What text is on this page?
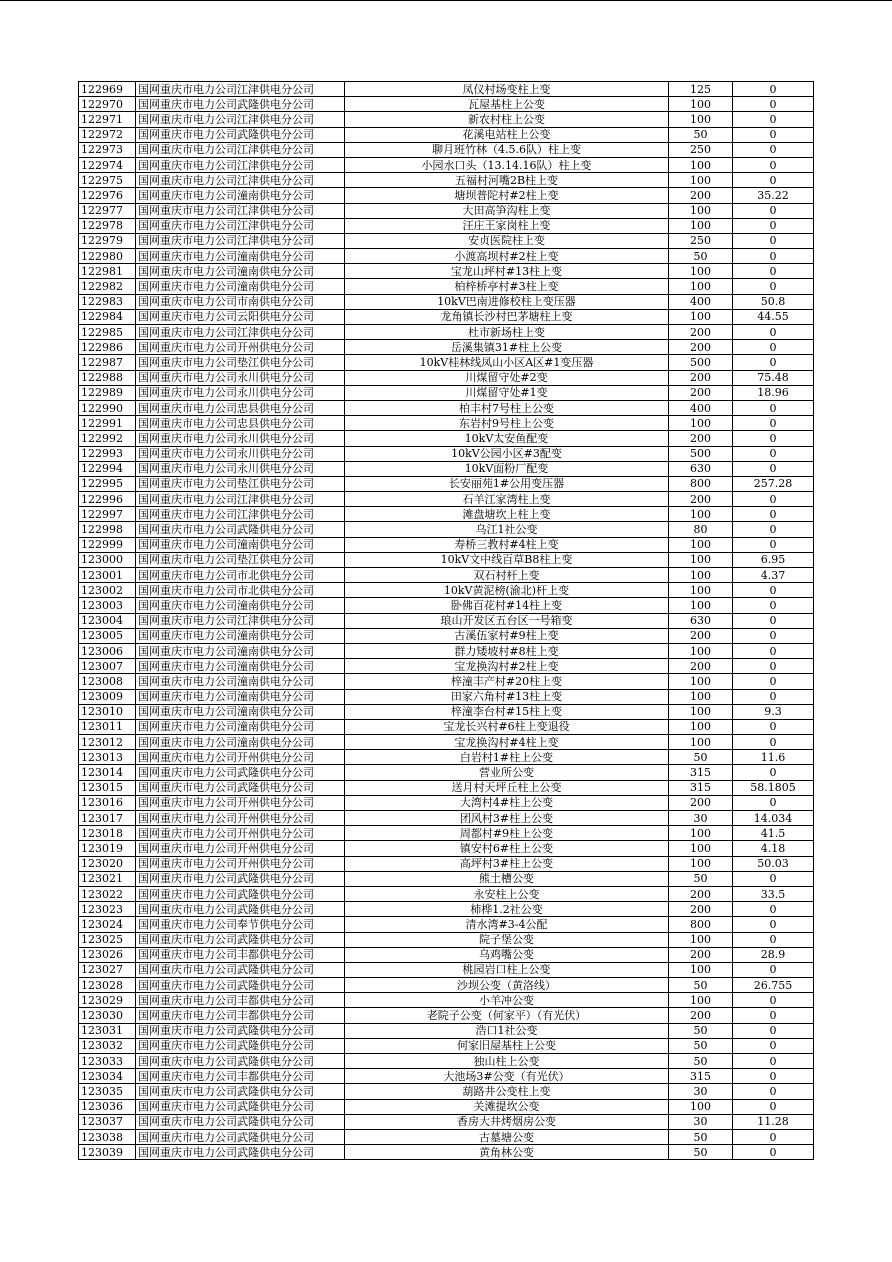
122969	国网重庆市电力公司江津供电分公司	凤仪村场变柱上变	125	0
122970	国网重庆市电力公司武隆供电分公司	瓦屋基柱上公变	100	0
122971	国网重庆市电力公司江津供电分公司	新农村柱上公变	100	0
122972	国网重庆市电力公司武隆供电分公司	花溪电站柱上公变	50	0
122973	国网重庆市电力公司江津供电分公司	聊月班竹林（4.5.6队）柱上变	250	0
122974	国网重庆市电力公司江津供电分公司	小园水口头（13.14.16队）柱上变	100	0
122975	国网重庆市电力公司江津供电分公司	五福村河嘴2B柱上变	100	0
122976	国网重庆市电力公司潼南供电分公司	塘坝普陀村#2柱上变	200	35.22
122977	国网重庆市电力公司江津供电分公司	大田高笋沟柱上变	100	0
122978	国网重庆市电力公司江津供电分公司	汪庄王家岗柱上变	100	0
122979	国网重庆市电力公司江津供电分公司	安贞医院柱上变	250	0
122980	国网重庆市电力公司潼南供电分公司	小渡高坝村#2柱上变	50	0
122981	国网重庆市电力公司潼南供电分公司	宝龙山坪村#13柱上变	100	0
122982	国网重庆市电力公司潼南供电分公司	柏梓桥亭村#3柱上变	100	0
122983	国网重庆市电力公司市南供电分公司	10kV巴南进修校柱上变压器	400	50.8
122984	国网重庆市电力公司云阳供电分公司	龙角镇长沙村巴茅塘柱上变	100	44.55
122985	国网重庆市电力公司江津供电分公司	杜市新场柱上变	200	0
122986	国网重庆市电力公司开州供电分公司	岳溪集镇31#柱上公变	200	0
122987	国网重庆市电力公司垫江供电分公司	10kV桂林线凤山小区A区#1变压器	500	0
122988	国网重庆市电力公司永川供电分公司	川煤留守处#2变	200	75.48
122989	国网重庆市电力公司永川供电分公司	川煤留守处#1变	200	18.96
122990	国网重庆市电力公司忠县供电分公司	柏丰村7号柱上公变	400	0
122991	国网重庆市电力公司忠县供电分公司	东岩村9号柱上公变	100	0
122992	国网重庆市电力公司永川供电分公司	10kV太安鱼配变	200	0
122993	国网重庆市电力公司永川供电分公司	10kV公园小区#3配变	500	0
122994	国网重庆市电力公司永川供电分公司	10kV面粉厂配变	630	0
122995	国网重庆市电力公司垫江供电分公司	长安丽苑1#公用变压器	800	257.28
122996	国网重庆市电力公司江津供电分公司	石羊江家湾柱上变	200	0
122997	国网重庆市电力公司江津供电分公司	滩盘塘坎上柱上变	100	0
122998	国网重庆市电力公司武隆供电分公司	乌江1社公变	80	0
122999	国网重庆市电力公司潼南供电分公司	寿桥三教村#4柱上变	100	0
123000	国网重庆市电力公司垫江供电分公司	10kV文中线百草B8柱上变	100	6.95
123001	国网重庆市电力公司市北供电分公司	双石村杆上变	100	4.37
123002	国网重庆市电力公司市北供电分公司	10kV黄泥榜(渝北)杆上变	100	0
123003	国网重庆市电力公司潼南供电分公司	卧佛百花村#14柱上变	100	0
123004	国网重庆市电力公司江津供电分公司	琅山开发区五台区一号箱变	630	0
123005	国网重庆市电力公司潼南供电分公司	古溪伍家村#9柱上变	200	0
123006	国网重庆市电力公司潼南供电分公司	群力矮坡村#8柱上变	100	0
123007	国网重庆市电力公司潼南供电分公司	宝龙换沟村#2柱上变	200	0
123008	国网重庆市电力公司潼南供电分公司	梓潼丰产村#20柱上变	100	0
123009	国网重庆市电力公司潼南供电分公司	田家六角村#13柱上变	100	0
123010	国网重庆市电力公司潼南供电分公司	梓潼李台村#15柱上变	100	9.3
123011	国网重庆市电力公司潼南供电分公司	宝龙长兴村#6柱上变退役	100	0
123012	国网重庆市电力公司潼南供电分公司	宝龙换沟村#4柱上变	100	0
123013	国网重庆市电力公司开州供电分公司	白岩村1#柱上公变	50	11.6
123014	国网重庆市电力公司武隆供电分公司	营业所公变	315	0
123015	国网重庆市电力公司武隆供电分公司	送月村天坪丘柱上公变	315	58.1805
123016	国网重庆市电力公司开州供电分公司	大湾村4#柱上公变	200	0
123017	国网重庆市电力公司开州供电分公司	团风村3#柱上公变	30	14.034
123018	国网重庆市电力公司开州供电分公司	周都村#9柱上公变	100	41.5
123019	国网重庆市电力公司开州供电分公司	镇安村6#柱上公变	100	4.18
123020	国网重庆市电力公司开州供电分公司	高坪村3#柱上公变	100	50.03
123021	国网重庆市电力公司武隆供电分公司	熊土槽公变	50	0
123022	国网重庆市电力公司武隆供电分公司	永安柱上公变	200	33.5
123023	国网重庆市电力公司武隆供电分公司	柿桦1.2社公变	200	0
123024	国网重庆市电力公司奉节供电分公司	清水湾#3-4公配	800	0
123025	国网重庆市电力公司武隆供电分公司	院子堡公变	100	0
123026	国网重庆市电力公司丰都供电分公司	乌鸡嘴公变	200	28.9
123027	国网重庆市电力公司武隆供电分公司	桃园岩口柱上公变	100	0
123028	国网重庆市电力公司武隆供电分公司	沙坝公变（黄洛线）	50	26.755
123029	国网重庆市电力公司丰都供电分公司	小羊冲公变	100	0
123030	国网重庆市电力公司丰都供电分公司	老院子公变（何家平）（有光伏）	200	0
123031	国网重庆市电力公司武隆供电分公司	浩口1社公变	50	0
123032	国网重庆市电力公司武隆供电分公司	何家旧屋基柱上公变	50	0
123033	国网重庆市电力公司武隆供电分公司	独山柱上公变	50	0
123034	国网重庆市电力公司丰都供电分公司	大池场3#公变（有光伏）	315	0
123035	国网重庆市电力公司武隆供电分公司	葫路井公变柱上变	30	0
123036	国网重庆市电力公司武隆供电分公司	关滩提坎公变	100	0
123037	国网重庆市电力公司武隆供电分公司	香房大井烤烟房公变	30	11.28
123038	国网重庆市电力公司武隆供电分公司	古墓塘公变	50	0
123039	国网重庆市电力公司武隆供电分公司	黄角林公变	50	0
